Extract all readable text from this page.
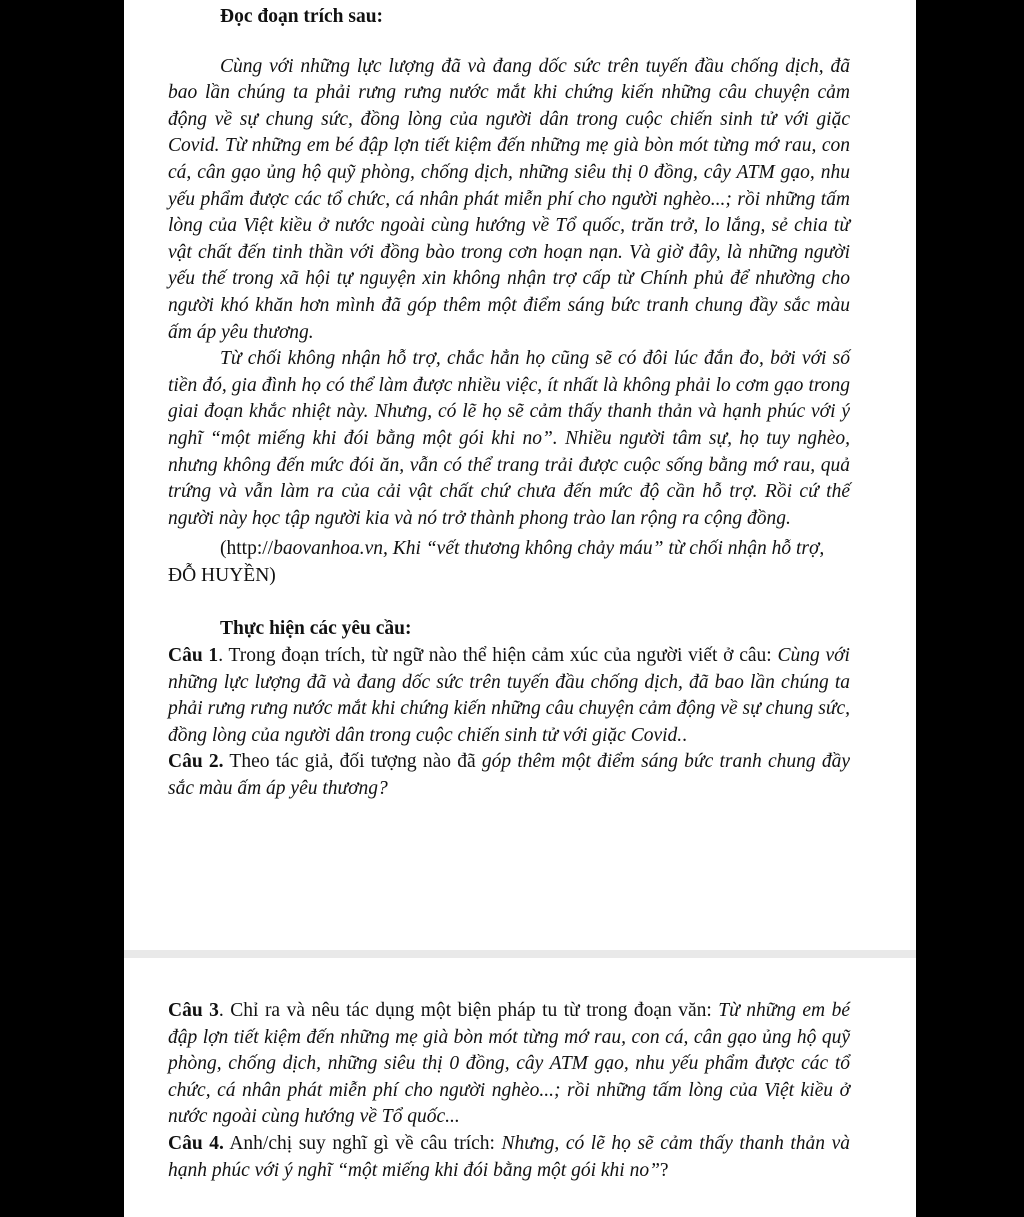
Đọc đoạn trích sau:

Cùng với những lực lượng đã và đang dốc sức trên tuyến đầu chống dịch, đã bao lần chúng ta phải rưng rưng nước mắt khi chứng kiến những câu chuyện cảm động về sự chung sức, đồng lòng của người dân trong cuộc chiến sinh tử với giặc Covid. Từ những em bé đập lợn tiết kiệm đến những mẹ già bòn mót từng mớ rau, con cá, cân gạo ủng hộ quỹ phòng, chống dịch, những siêu thị 0 đồng, cây ATM gạo, nhu yếu phẩm được các tổ chức, cá nhân phát miễn phí cho người nghèo...; rồi những tấm lòng của Việt kiều ở nước ngoài cùng hướng về Tổ quốc, trăn trở, lo lắng, sẻ chia từ vật chất đến tinh thần với đồng bào trong cơn hoạn nạn. Và giờ đây, là những người yếu thế trong xã hội tự nguyện xin không nhận trợ cấp từ Chính phủ để nhường cho người khó khăn hơn mình đã góp thêm một điểm sáng bức tranh chung đầy sắc màu ấm áp yêu thương.

Từ chối không nhận hỗ trợ, chắc hẳn họ cũng sẽ có đôi lúc đắn đo, bởi với số tiền đó, gia đình họ có thể làm được nhiều việc, ít nhất là không phải lo cơm gạo trong giai đoạn khắc nhiệt này. Nhưng, có lẽ họ sẽ cảm thấy thanh thản và hạnh phúc với ý nghĩ “một miếng khi đói bằng một gói khi no”. Nhiều người tâm sự, họ tuy nghèo, nhưng không đến mức đói ăn, vẫn có thể trang trải được cuộc sống bằng mớ rau, quả trứng và vẫn làm ra của cải vật chất chứ chưa đến mức độ cần hỗ trợ. Rồi cứ thế người này học tập người kia và nó trở thành phong trào lan rộng ra cộng đồng.

(http://baovanhoa.vn, Khi “vết thương không chảy máu” từ chối nhận hỗ trợ, ĐỖ HUYỀN)

Thực hiện các yêu cầu:

Câu 1. Trong đoạn trích, từ ngữ nào thể hiện cảm xúc của người viết ở câu: Cùng với những lực lượng đã và đang dốc sức trên tuyến đầu chống dịch, đã bao lần chúng ta phải rưng rưng nước mắt khi chứng kiến những câu chuyện cảm động về sự chung sức, đồng lòng của người dân trong cuộc chiến sinh tử với giặc Covid..

Câu 2. Theo tác giả, đối tượng nào đã góp thêm một điểm sáng bức tranh chung đầy sắc màu ấm áp yêu thương?

Câu 3. Chỉ ra và nêu tác dụng một biện pháp tu từ trong đoạn văn: Từ những em bé đập lợn tiết kiệm đến những mẹ già bòn mót từng mớ rau, con cá, cân gạo ủng hộ quỹ phòng, chống dịch, những siêu thị 0 đồng, cây ATM gạo, nhu yếu phẩm được các tổ chức, cá nhân phát miễn phí cho người nghèo...; rồi những tấm lòng của Việt kiều ở nước ngoài cùng hướng về Tổ quốc...

Câu 4. Anh/chị suy nghĩ gì về câu trích: Nhưng, có lẽ họ sẽ cảm thấy thanh thản và hạnh phúc với ý nghĩ “một miếng khi đói bằng một gói khi no”?
